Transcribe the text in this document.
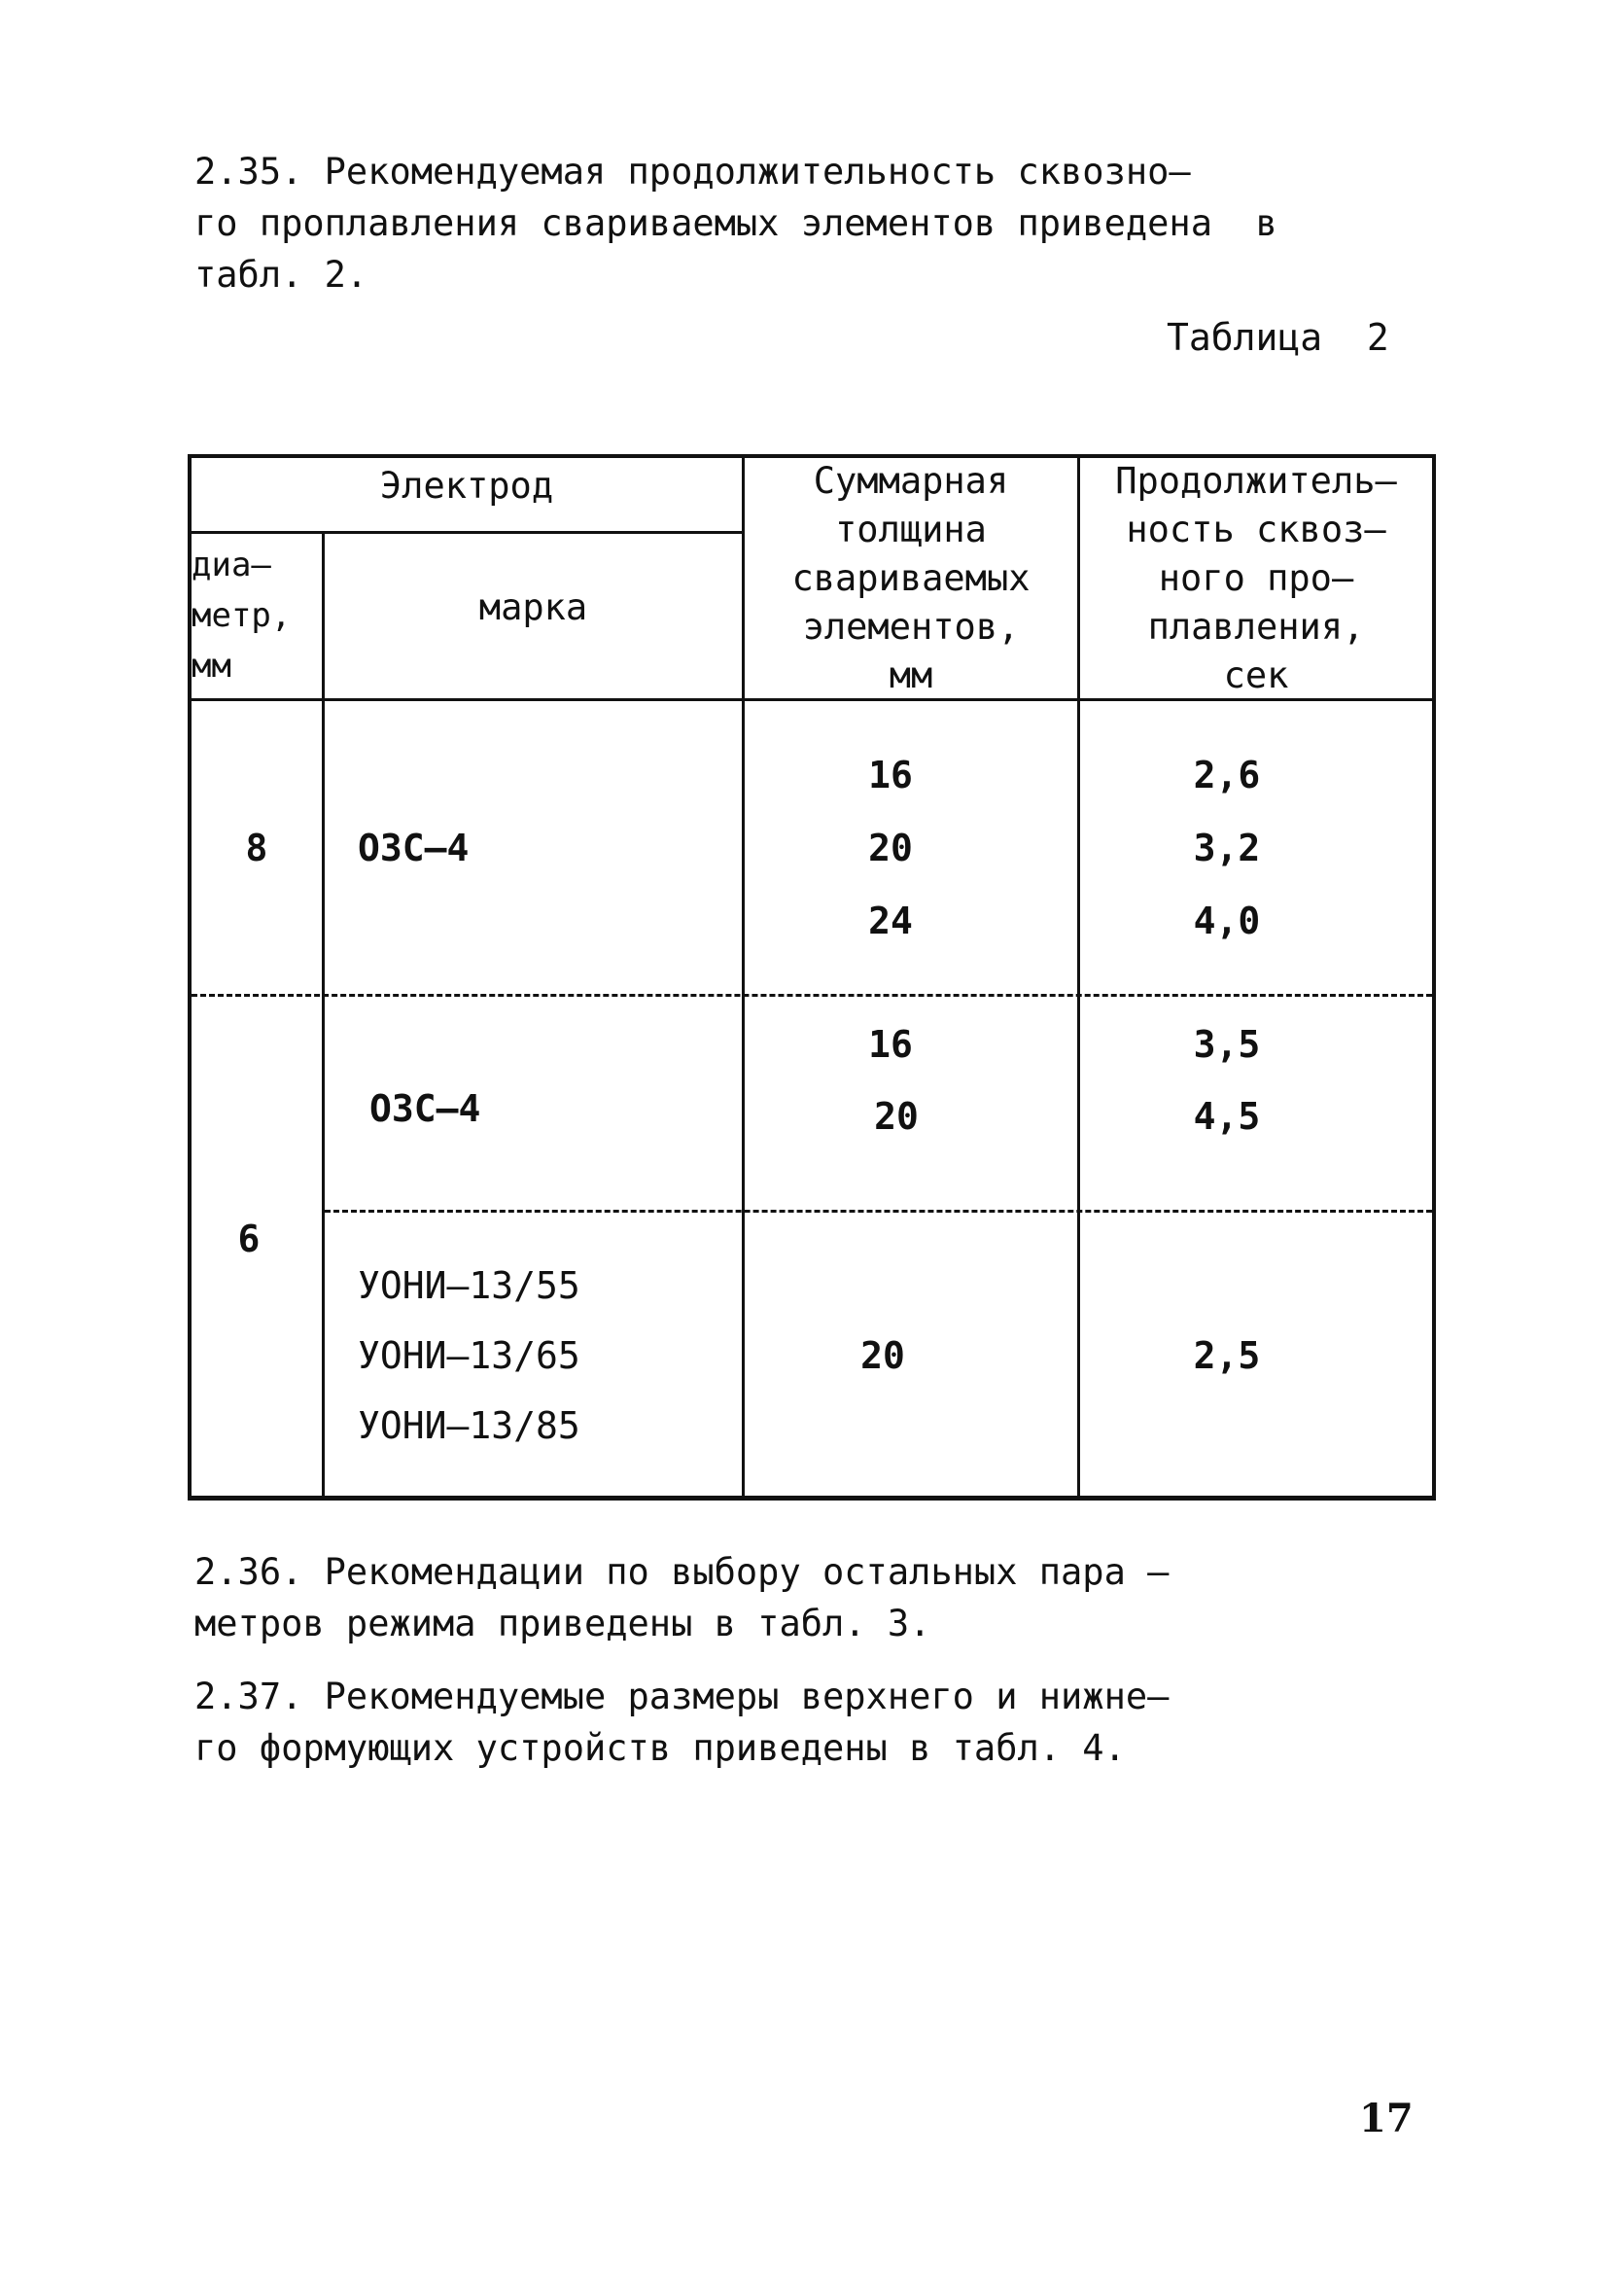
2.35. Рекомендуемая продолжительность сквозно–
го проплавления свариваемых элементов приведена  в
табл. 2.

Таблица  2
Электрод
диа–
метр,
мм
марка
Суммарная
толщина
свариваемых
элементов,
мм
Продолжитель–
ность сквоз–
ного про–
плавления,
сек
8	ОЗС–4
16
20
24
2,6
3,2
4,0
6
ОЗС–4
16
20
3,5
4,5
УОНИ–13/55
УОНИ–13/65
УОНИ–13/85
20	2,5

2.36. Рекомендации по выбору остальных пара –
метров режима приведены в табл. 3.

2.37. Рекомендуемые размеры верхнего и нижне–
го формующих устройств приведены в табл. 4.

17
